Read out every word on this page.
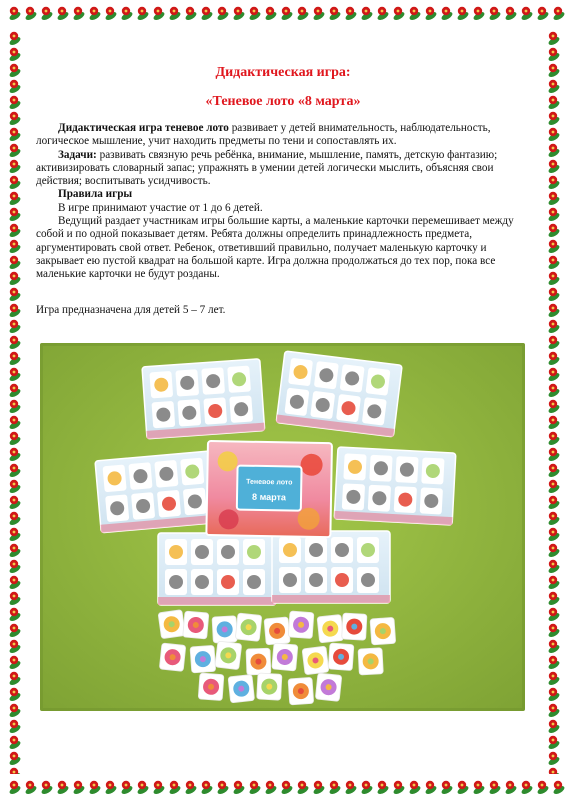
Дидактическая игра:

«Теневое лото «8 марта»

Дидактическая игра теневое лото развивает у детей внимательность, наблюдательность, логическое мышление, учит находить предметы по тени и сопоставлять их.

Задачи: развивать связную речь ребёнка, внимание, мышление, память, детскую фантазию; активизировать словарный запас; упражнять в умении детей логически мыслить, объясняя свои действия; воспитывать усидчивость.

Правила игры

В игре принимают участие от 1 до 6 детей.

Ведущий раздает участникам игры большие карты, а маленькие карточки перемешивает между собой и по одной показывает детям. Ребята должны определить принадлежность предмета, аргументировать свой ответ. Ребенок, ответивший правильно, получает маленькую карточку и закрывает ею пустой квадрат на большой карте. Игра должна продолжаться до тех пор, пока все маленькие карточки не будут розданы.

Игра предназначена для детей 5 – 7 лет.

Теневое лото
8 марта
